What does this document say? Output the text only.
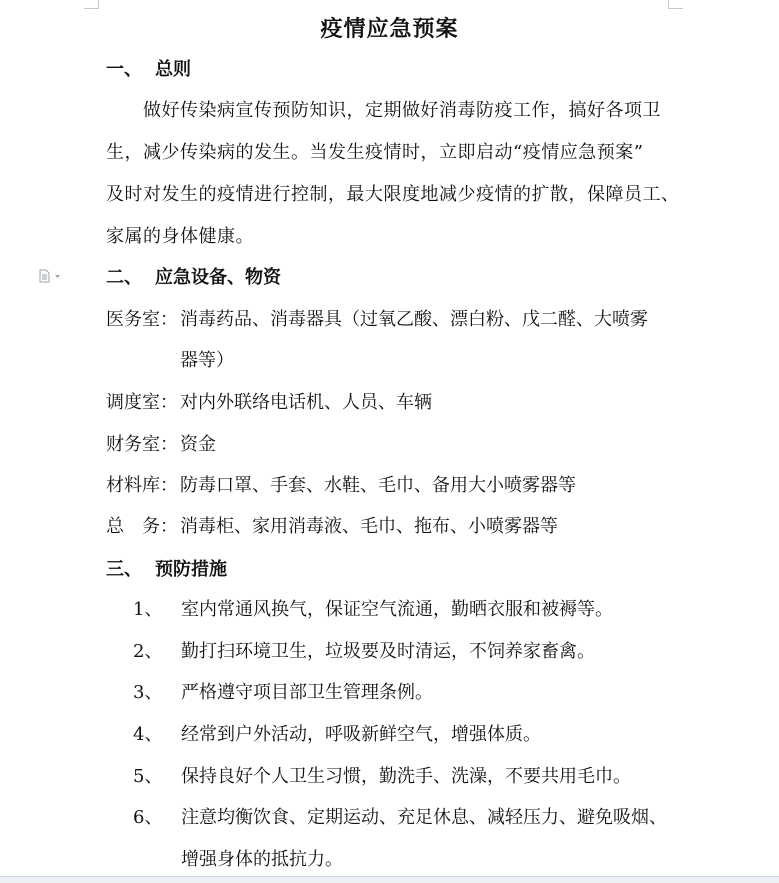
疫情应急预案
一、 总则
做好传染病宣传预防知识，定期做好消毒防疫工作，搞好各项卫
生，减少传染病的发生。当发生疫情时，立即启动“疫情应急预案”
及时对发生的疫情进行控制，最大限度地减少疫情的扩散，保障员工、
家属的身体健康。
二、 应急设备、物资
医务室： 消毒药品、消毒器具（过氧乙酸、漂白粉、戊二醛、大喷雾
器等）
调度室： 对内外联络电话机、人员、车辆
财务室： 资金
材料库： 防毒口罩、手套、水鞋、毛巾、备用大小喷雾器等
总　务： 消毒柜、家用消毒液、毛巾、拖布、小喷雾器等
三、 预防措施
1、 室内常通风换气，保证空气流通，勤晒衣服和被褥等。
2、 勤打扫环境卫生，垃圾要及时清运，不饲养家畜禽。
3、 严格遵守项目部卫生管理条例。
4、 经常到户外活动，呼吸新鲜空气，增强体质。
5、 保持良好个人卫生习惯，勤洗手、洗澡，不要共用毛巾。
6、 注意均衡饮食、定期运动、充足休息、减轻压力、避免吸烟、
增强身体的抵抗力。
